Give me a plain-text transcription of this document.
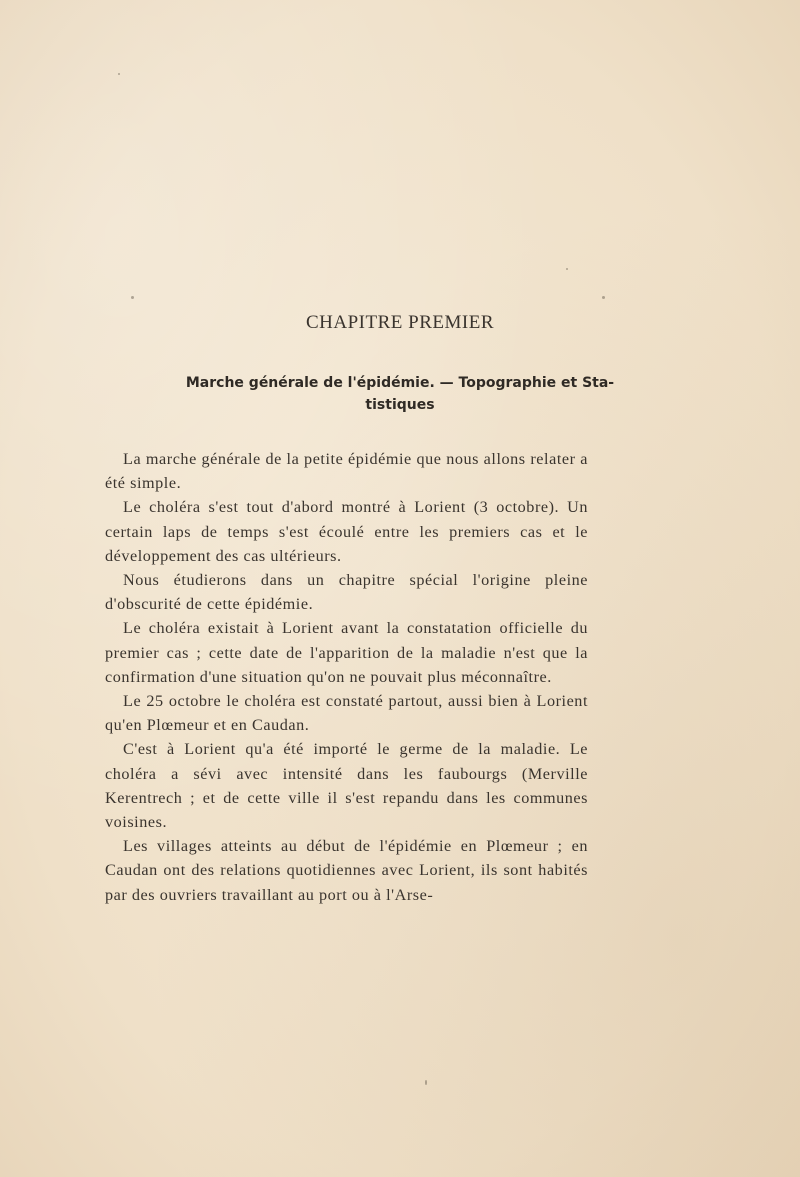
CHAPITRE PREMIER
Marche générale de l'épidémie. — Topographie et Sta-
tistiques

La marche générale de la petite épidémie que nous allons relater a été simple.

Le choléra s'est tout d'abord montré à Lorient (3 octobre). Un certain laps de temps s'est écoulé entre les premiers cas et le développement des cas ultérieurs.

Nous étudierons dans un chapitre spécial l'origine pleine d'obscurité de cette épidémie.

Le choléra existait à Lorient avant la constatation officielle du premier cas ; cette date de l'apparition de la maladie n'est que la confirmation d'une situation qu'on ne pouvait plus méconnaître.

Le 25 octobre le choléra est constaté partout, aussi bien à Lorient qu'en Plœmeur et en Caudan.

C'est à Lorient qu'a été importé le germe de la maladie. Le choléra a sévi avec intensité dans les faubourgs (Merville Kerentrech ; et de cette ville il s'est repandu dans les communes voisines.

Les villages atteints au début de l'épidémie en Plœmeur ; en Caudan ont des relations quotidiennes avec Lorient, ils sont habités par des ouvriers travaillant au port ou à l'Arse-
